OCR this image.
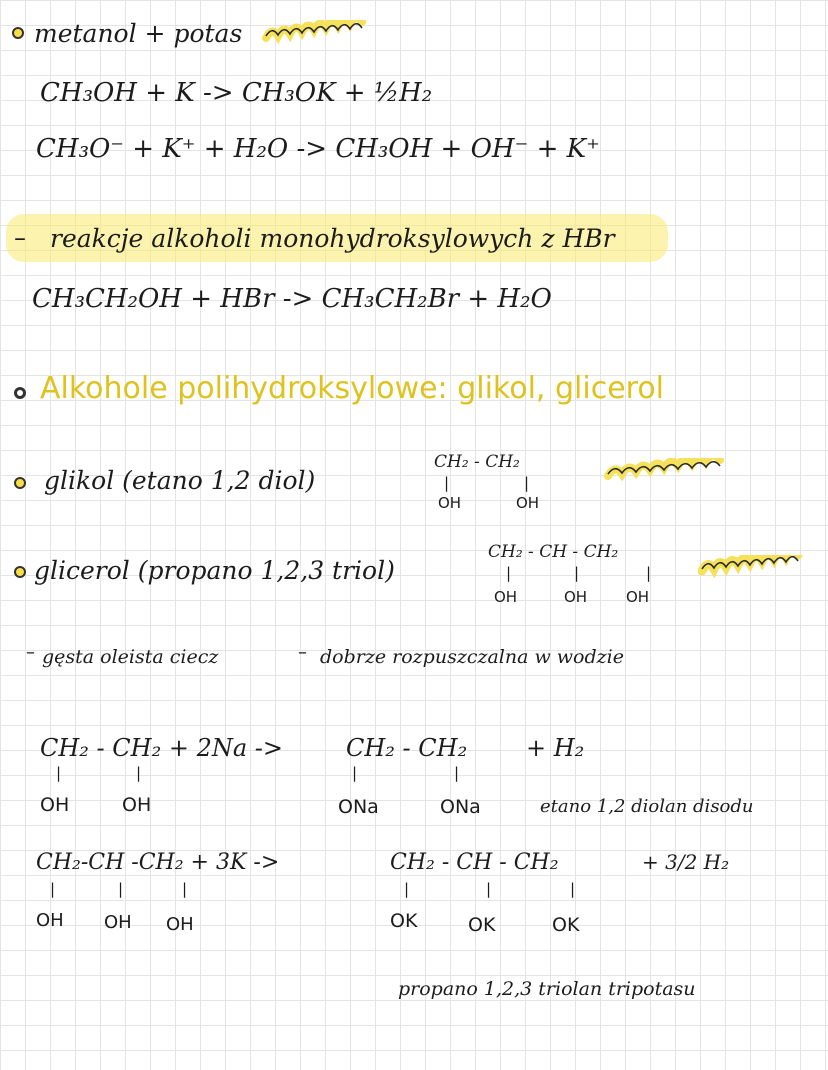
metanol + potas
CH₃OH + K -> CH₃OK + ½H₂
CH₃O⁻ + K⁺ + H₂O -> CH₃OH + OH⁻ + K⁺
– reakcje alkoholi monohydroksylowych z HBr
CH₃CH₂OH + HBr -> CH₃CH₂Br + H₂O
Alkohole polihydroksylowe: glikol, glicerol
glikol (etano 1,2 diol)
CH₂ - CH₂
|	|
OH	OH
glicerol (propano 1,2,3 triol)
CH₂ - CH - CH₂
|	|	|
OH	OH	OH
– gęsta oleista ciecz	– dobrze rozpuszczalna w wodzie
CH₂ - CH₂ + 2Na ->	CH₂ - CH₂ + H₂
|	|	|	|
OH	OH	ONa	ONa	etano 1,2 diolan disodu
CH₂-CH -CH₂ + 3K ->	CH₂ - CH - CH₂	+ 3/2 H₂
|	|	|	|	|	|
OH OH OH	OK	OK	OK
propano 1,2,3 triolan tripotasu
